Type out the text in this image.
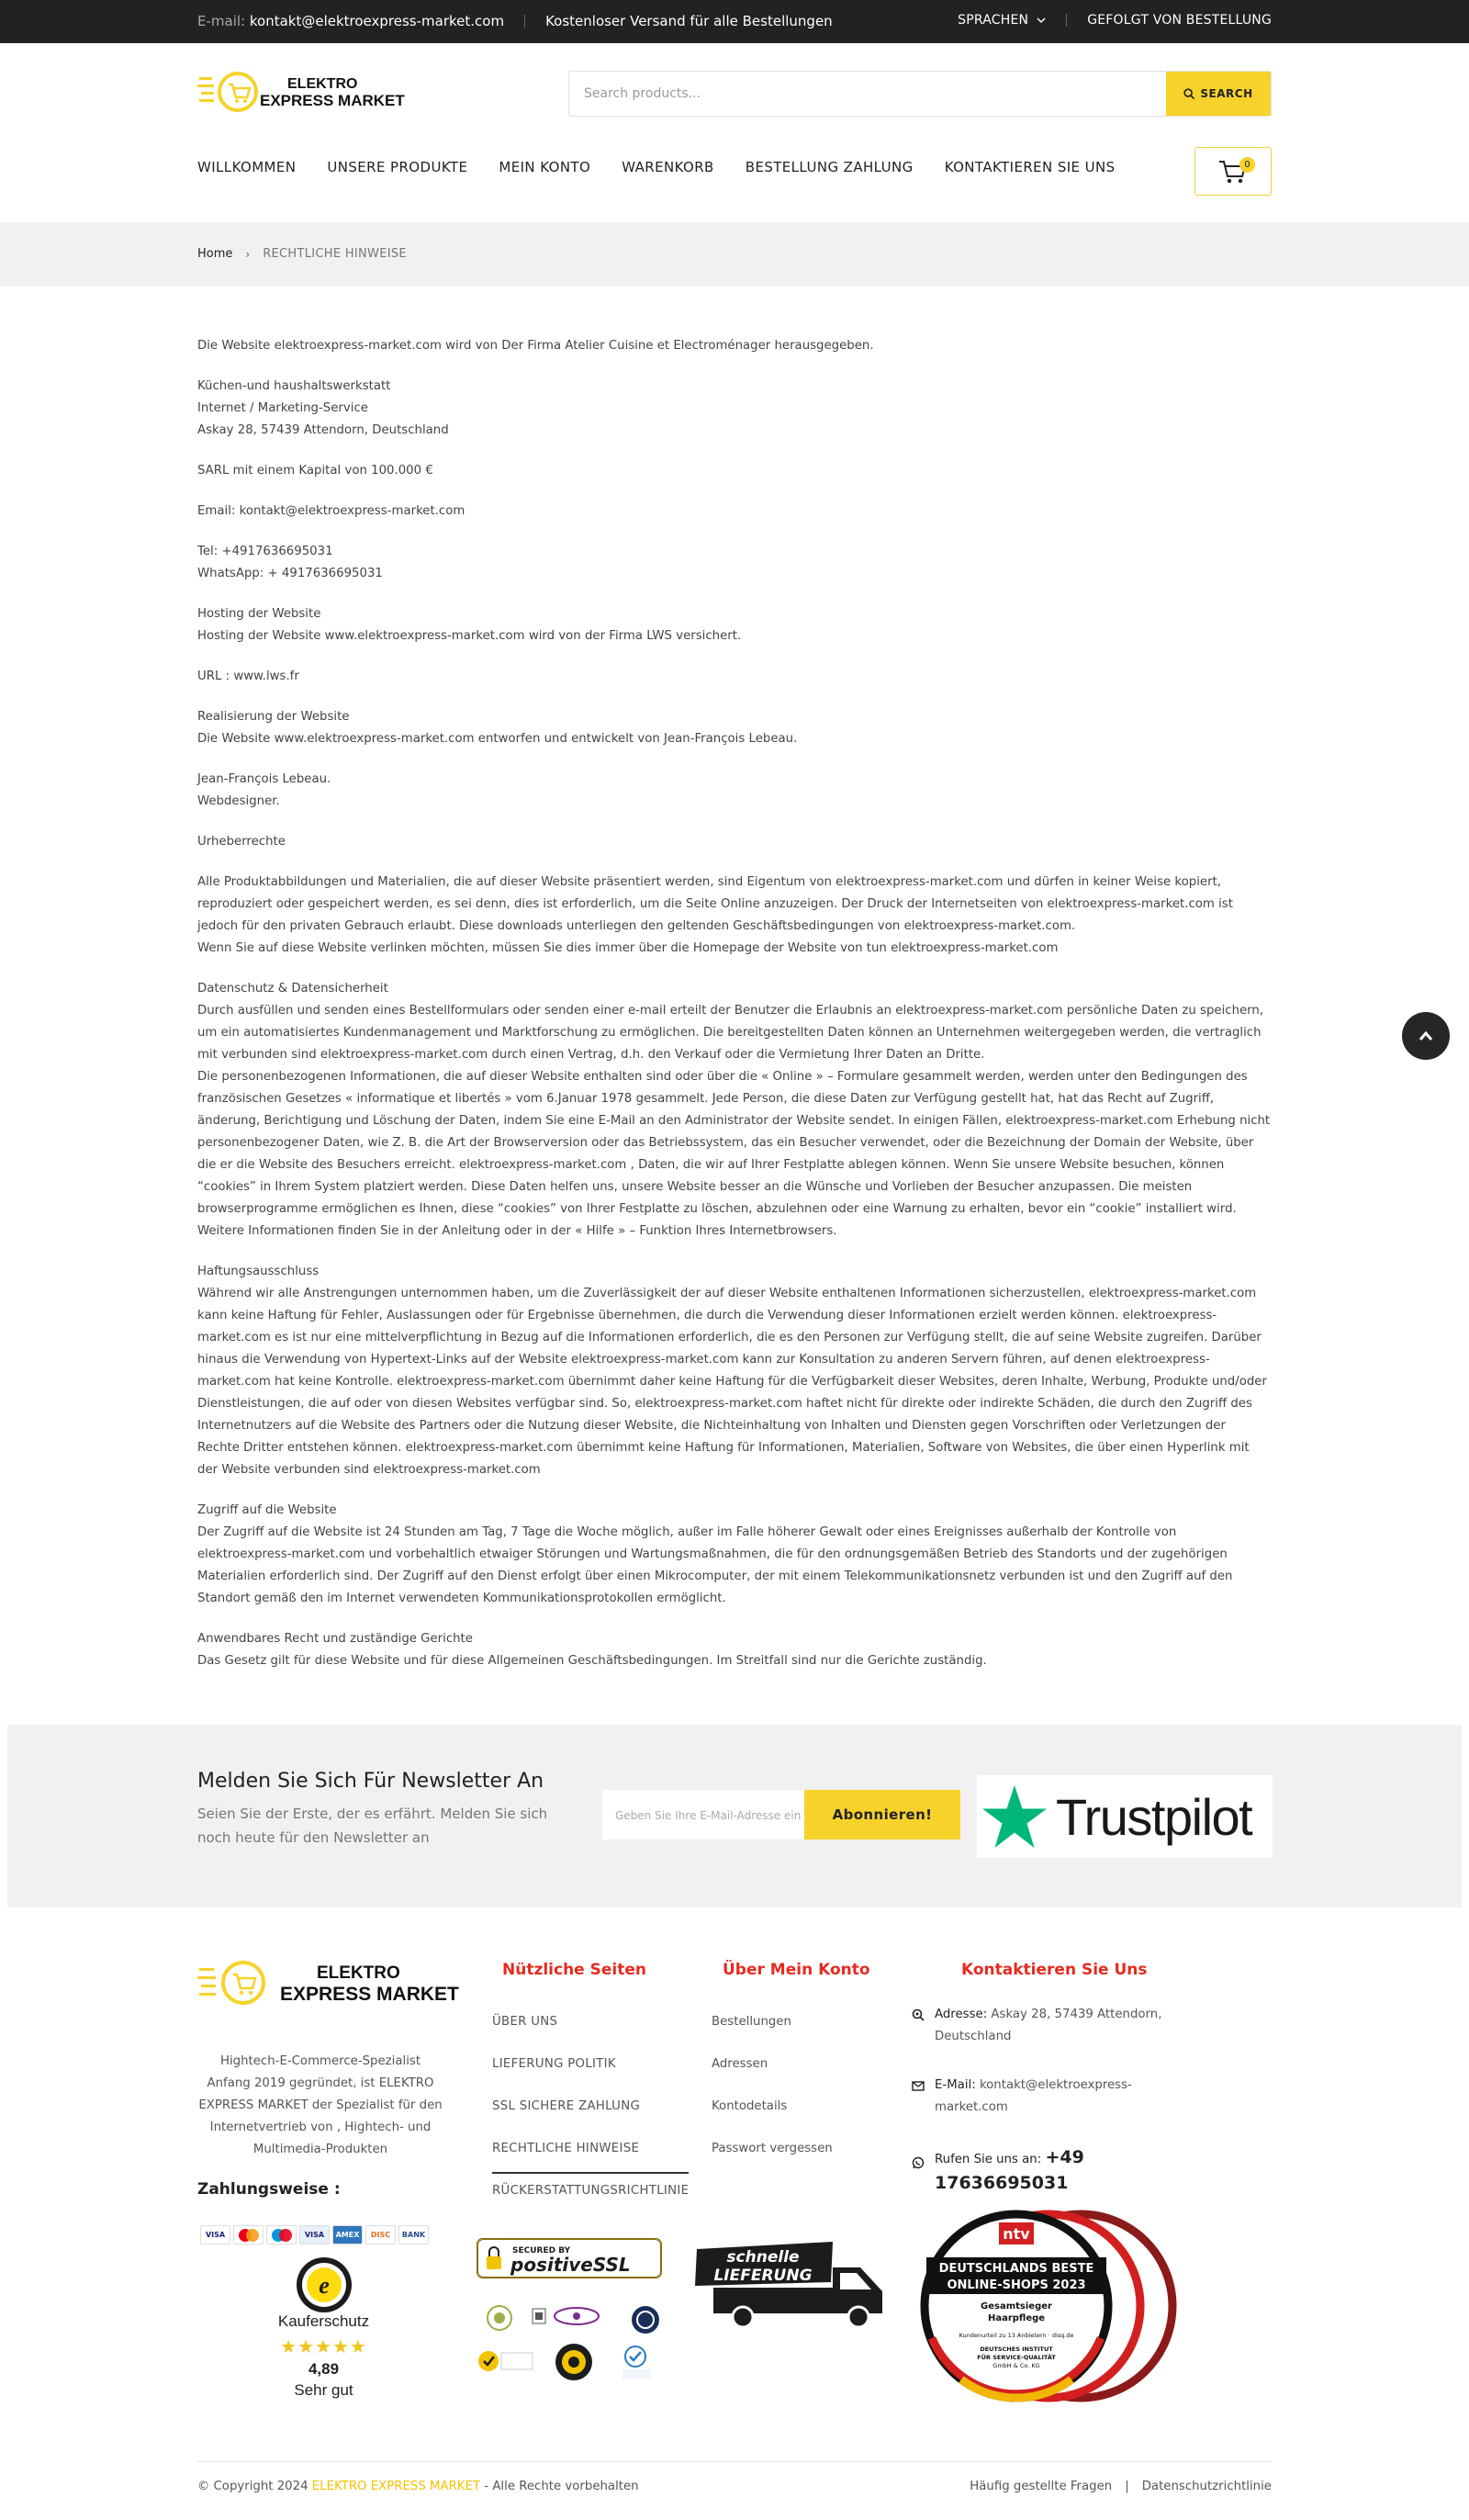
E-mail:
kontakt@elektroexpress-market.com	Kostenloser Versand für alle Bestellungen	SPRACHEN	GEFOLGT VON BESTELLUNG
ELEKTRO
EXPRESS MARKET
Search products...	SEARCH
WILLKOMMEN UNSERE PRODUKTE MEIN KONTO WARENKORB BESTELLUNG ZAHLUNG KONTAKTIEREN SIE UNS	0
Home › RECHTLICHE HINWEISE

Die Website elektroexpress-market.com wird von Der Firma Atelier Cuisine et Electroménager herausgegeben.

Küchen-und haushaltswerkstatt
Internet / Marketing-Service
Askay 28, 57439 Attendorn, Deutschland

SARL mit einem Kapital von 100.000 €

Email: kontakt@elektroexpress-market.com

Tel: +4917636695031
WhatsApp: + 4917636695031

Hosting der Website
Hosting der Website www.elektroexpress-market.com wird von der Firma LWS versichert.

URL : www.lws.fr

Realisierung der Website
Die Website www.elektroexpress-market.com entworfen und entwickelt von Jean-François Lebeau.

Jean-François Lebeau.
Webdesigner.

Urheberrechte

Alle Produktabbildungen und Materialien, die auf dieser Website präsentiert werden, sind Eigentum von elektroexpress-market.com und dürfen in keiner Weise kopiert, reproduziert oder gespeichert werden, es sei denn, dies ist erforderlich, um die Seite Online anzuzeigen. Der Druck der Internetseiten von elektroexpress-market.com ist jedoch für den privaten Gebrauch erlaubt. Diese downloads unterliegen den geltenden Geschäftsbedingungen von elektroexpress-market.com.
Wenn Sie auf diese Website verlinken möchten, müssen Sie dies immer über die Homepage der Website von tun elektroexpress-market.com

Datenschutz & Datensicherheit
Durch ausfüllen und senden eines Bestellformulars oder senden einer e-mail erteilt der Benutzer die Erlaubnis an elektroexpress-market.com persönliche Daten zu speichern, um ein automatisiertes Kundenmanagement und Marktforschung zu ermöglichen. Die bereitgestellten Daten können an Unternehmen weitergegeben werden, die vertraglich mit verbunden sind elektroexpress-market.com durch einen Vertrag, d.h. den Verkauf oder die Vermietung Ihrer Daten an Dritte.
Die personenbezogenen Informationen, die auf dieser Website enthalten sind oder über die « Online » – Formulare gesammelt werden, werden unter den Bedingungen des französischen Gesetzes « informatique et libertés » vom 6.Januar 1978 gesammelt. Jede Person, die diese Daten zur Verfügung gestellt hat, hat das Recht auf Zugriff, änderung, Berichtigung und Löschung der Daten, indem Sie eine E-Mail an den Administrator der Website sendet. In einigen Fällen, elektroexpress-market.com Erhebung nicht personenbezogener Daten, wie Z. B. die Art der Browserversion oder das Betriebssystem, das ein Besucher verwendet, oder die Bezeichnung der Domain der Website, über die er die Website des Besuchers erreicht. elektroexpress-market.com , Daten, die wir auf Ihrer Festplatte ablegen können. Wenn Sie unsere Website besuchen, können “cookies” in Ihrem System platziert werden. Diese Daten helfen uns, unsere Website besser an die Wünsche und Vorlieben der Besucher anzupassen. Die meisten browserprogramme ermöglichen es Ihnen, diese “cookies” von Ihrer Festplatte zu löschen, abzulehnen oder eine Warnung zu erhalten, bevor ein “cookie” installiert wird. Weitere Informationen finden Sie in der Anleitung oder in der « Hilfe » – Funktion Ihres Internetbrowsers.

Haftungsausschluss
Während wir alle Anstrengungen unternommen haben, um die Zuverlässigkeit der auf dieser Website enthaltenen Informationen sicherzustellen, elektroexpress-market.com kann keine Haftung für Fehler, Auslassungen oder für Ergebnisse übernehmen, die durch die Verwendung dieser Informationen erzielt werden können. elektroexpress-market.com es ist nur eine mittelverpflichtung in Bezug auf die Informationen erforderlich, die es den Personen zur Verfügung stellt, die auf seine Website zugreifen. Darüber hinaus die Verwendung von Hypertext-Links auf der Website elektroexpress-market.com kann zur Konsultation zu anderen Servern führen, auf denen elektroexpress-market.com hat keine Kontrolle. elektroexpress-market.com übernimmt daher keine Haftung für die Verfügbarkeit dieser Websites, deren Inhalte, Werbung, Produkte und/oder Dienstleistungen, die auf oder von diesen Websites verfügbar sind. So, elektroexpress-market.com haftet nicht für direkte oder indirekte Schäden, die durch den Zugriff des Internetnutzers auf die Website des Partners oder die Nutzung dieser Website, die Nichteinhaltung von Inhalten und Diensten gegen Vorschriften oder Verletzungen der Rechte Dritter entstehen können. elektroexpress-market.com übernimmt keine Haftung für Informationen, Materialien, Software von Websites, die über einen Hyperlink mit der Website verbunden sind elektroexpress-market.com

Zugriff auf die Website
Der Zugriff auf die Website ist 24 Stunden am Tag, 7 Tage die Woche möglich, außer im Falle höherer Gewalt oder eines Ereignisses außerhalb der Kontrolle von elektroexpress-market.com und vorbehaltlich etwaiger Störungen und Wartungsmaßnahmen, die für den ordnungsgemäßen Betrieb des Standorts und der zugehörigen Materialien erforderlich sind. Der Zugriff auf den Dienst erfolgt über einen Mikrocomputer, der mit einem Telekommunikationsnetz verbunden ist und den Zugriff auf den Standort gemäß den im Internet verwendeten Kommunikationsprotokollen ermöglicht.

Anwendbares Recht und zuständige Gerichte
Das Gesetz gilt für diese Website und für diese Allgemeinen Geschäftsbedingungen. Im Streitfall sind nur die Gerichte zuständig.

Melden Sie Sich Für Newsletter An
Seien Sie der Erste, der es erfährt. Melden Sie sich noch heute für den Newsletter an
Geben Sie Ihre E-Mail-Adresse ein	Abonnieren!	Trustpilot
ELEKTRO
EXPRESS MARKET
Hightech-E-Commerce-Spezialist Anfang 2019 gegründet, ist ELEKTRO EXPRESS MARKET der Spezialist für den Internetvertrieb von , Hightech- und Multimedia-Produkten
Zahlungsweise :
VISA	VISA	AMEX	DISC	BANK
e
Kauferschutz
★★★★★
4,89
Sehr gut
Nützliche Seiten
ÜBER UNS
LIEFERUNG POLITIK
SSL SICHERE ZAHLUNG
RECHTLICHE HINWEISE
RÜCKERSTATTUNGSRICHTLINIE
SECURED BY
positiveSSL
Über Mein Konto
Bestellungen
Adressen
Kontodetails
Passwort vergessen
schnelle
LIEFERUNG
Kontaktieren Sie Uns
Adresse: Askay 28, 57439 Attendorn, Deutschland
E-Mail: kontakt@elektroexpress-market.com
Rufen Sie uns an: +49 17636695031
ntv
DEUTSCHLANDS BESTE
ONLINE-SHOPS 2023
Gesamtsieger
Haarpflege
Kundenurteil zu 13 Anbietern · disq.de
DEUTSCHES INSTITUT
FÜR SERVICE-QUALITÄT
GmbH & Co. KG
© Copyright 2024 ELEKTRO EXPRESS MARKET - Alle Rechte vorbehalten	Häufig gestellte Fragen | Datenschutzrichtlinie
